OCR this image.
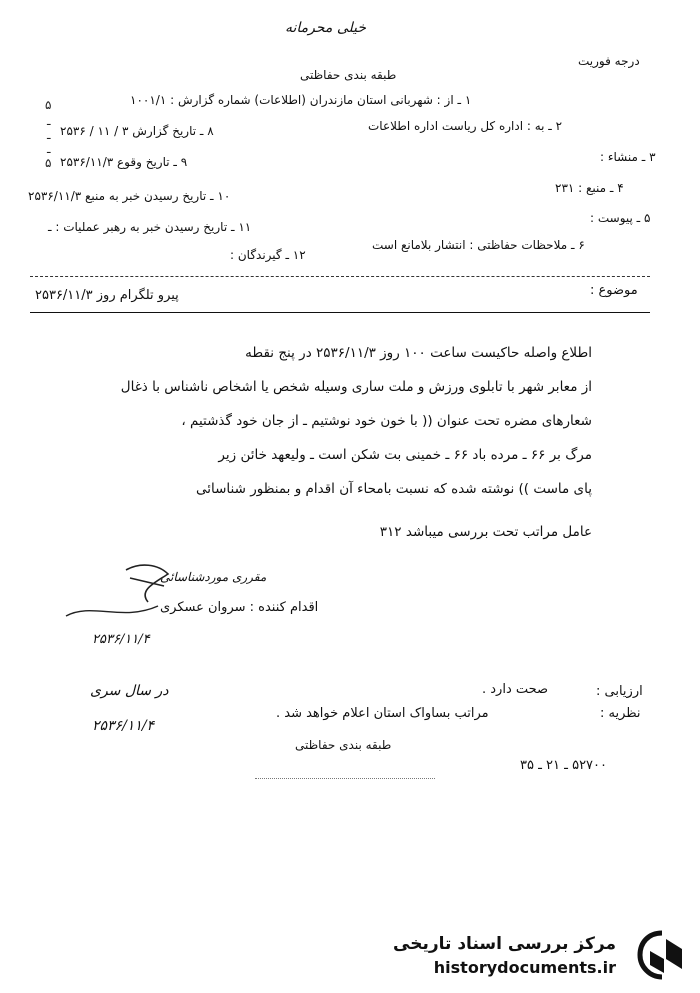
خیلی محرمانه
درجه فوریت
طبقه بندی حفاظتی
۱ ـ از : شهربانی استان مازندران (اطلاعات) شماره گزارش : ۱۰۰۱/۱
۲ ـ به : اداره کل ریاست اداره اطلاعات
۳ ـ منشاء :
۴ ـ منبع : ۲۳۱
۵ ـ پیوست :
۶ ـ ملاحظات حفاظتی : انتشار بلامانع است
۸ ـ تاریخ گزارش ۳ / ۱۱ / ۲۵۳۶
۹ ـ تاریخ وقوع ۲۵۳۶/۱۱/۳
۱۰ ـ تاریخ رسیدن خبر به منبع ۲۵۳۶/۱۱/۳
۱۱ ـ تاریخ رسیدن خبر به رهبر عملیات : ـ
۱۲ ـ گیرندگان :
۵
ـ
ـ
ـ
۵
موضوع :
پیرو تلگرام روز ۲۵۳۶/۱۱/۳
اطلاع واصله حاکیست ساعت ۱۰۰ روز ۲۵۳۶/۱۱/۳ در پنج نقطه
از معابر شهر با تابلوی ورزش و ملت ساری وسیله شخص یا اشخاص ناشناس با ذغال
شعارهای مضره تحت عنوان (( با خون خود نوشتیم ـ از جان خود گذشتیم ،
مرگ بر ۶۶ ـ مرده باد ۶۶ ـ خمینی بت شکن است ـ ولیعهد خائن زیر
پای ماست )) نوشته شده که نسبت بامحاء آن اقدام و بمنظور شناسائی
عامل مراتب تحت بررسی میباشد ۳۱۲
مقرری موردشناسائی
اقدام کننده : سروان عسکری
۲۵۳۶/۱۱/۴
ارزیابی :
صحت دارد .
نظریه :
مراتب بساواک استان اعلام خواهد شد .
در سال سری
۲۵۳۶/۱۱/۴
طبقه بندی حفاظتی
۵۲۷۰۰ ـ ۲۱ ـ ۳۵
مرکز بررسی اسناد تاریخی
historydocuments.ir
